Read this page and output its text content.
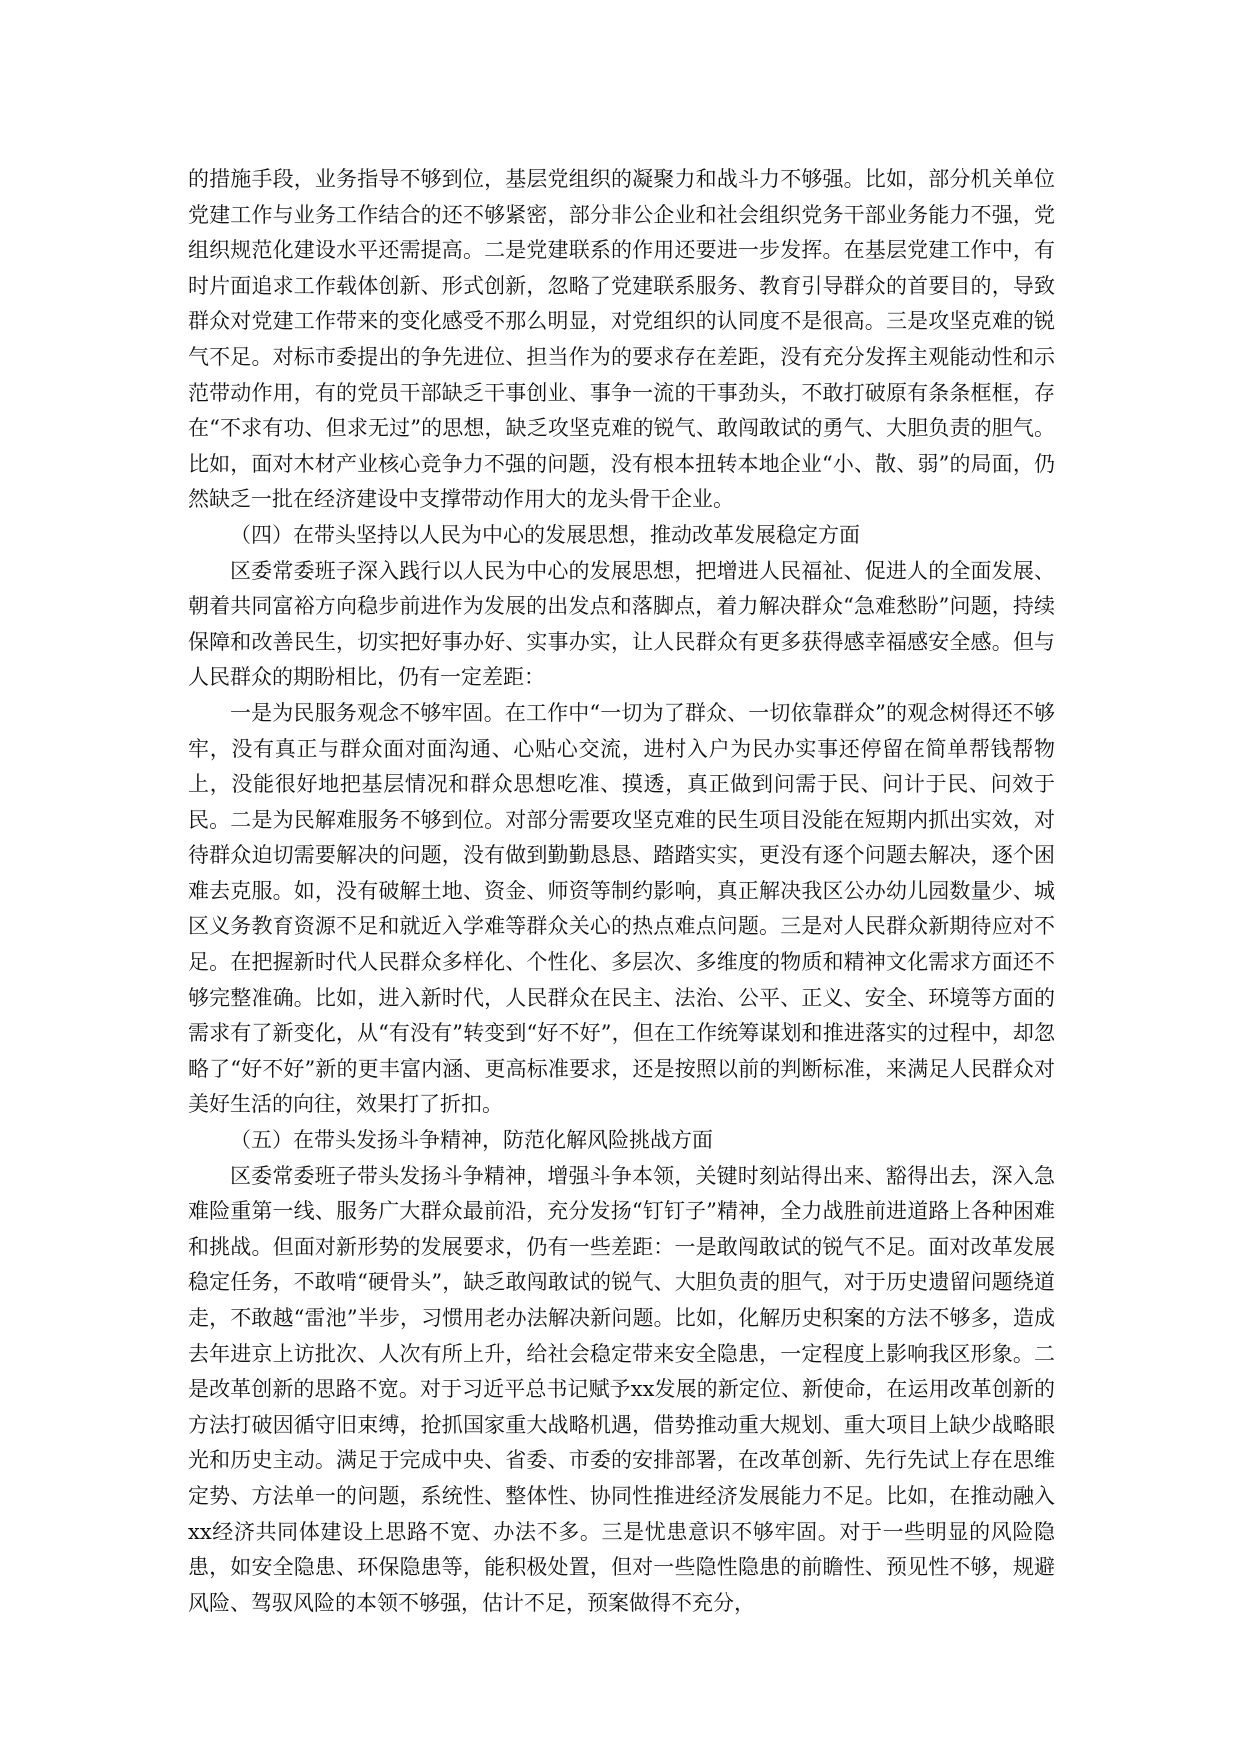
的措施手段，业务指导不够到位，基层党组织的凝聚力和战斗力不够强。比如，部分机关单位党建工作与业务工作结合的还不够紧密，部分非公企业和社会组织党务干部业务能力不强，党组织规范化建设水平还需提高。二是党建联系的作用还要进一步发挥。在基层党建工作中，有时片面追求工作载体创新、形式创新，忽略了党建联系服务、教育引导群众的首要目的，导致群众对党建工作带来的变化感受不那么明显，对党组织的认同度不是很高。三是攻坚克难的锐气不足。对标市委提出的争先进位、担当作为的要求存在差距，没有充分发挥主观能动性和示范带动作用，有的党员干部缺乏干事创业、事争一流的干事劲头，不敢打破原有条条框框，存在“不求有功、但求无过”的思想，缺乏攻坚克难的锐气、敢闯敢试的勇气、大胆负责的胆气。比如，面对木材产业核心竞争力不强的问题，没有根本扭转本地企业“小、散、弱”的局面，仍然缺乏一批在经济建设中支撑带动作用大的龙头骨干企业。

（四）在带头坚持以人民为中心的发展思想，推动改革发展稳定方面

区委常委班子深入践行以人民为中心的发展思想，把增进人民福祉、促进人的全面发展、朝着共同富裕方向稳步前进作为发展的出发点和落脚点，着力解决群众“急难愁盼”问题，持续保障和改善民生，切实把好事办好、实事办实，让人民群众有更多获得感幸福感安全感。但与人民群众的期盼相比，仍有一定差距：

一是为民服务观念不够牢固。在工作中“一切为了群众、一切依靠群众”的观念树得还不够牢，没有真正与群众面对面沟通、心贴心交流，进村入户为民办实事还停留在简单帮钱帮物上，没能很好地把基层情况和群众思想吃准、摸透，真正做到问需于民、问计于民、问效于民。二是为民解难服务不够到位。对部分需要攻坚克难的民生项目没能在短期内抓出实效，对待群众迫切需要解决的问题，没有做到勤勤恳恳、踏踏实实，更没有逐个问题去解决，逐个困难去克服。如，没有破解土地、资金、师资等制约影响，真正解决我区公办幼儿园数量少、城区义务教育资源不足和就近入学难等群众关心的热点难点问题。三是对人民群众新期待应对不足。在把握新时代人民群众多样化、个性化、多层次、多维度的物质和精神文化需求方面还不够完整准确。比如，进入新时代，人民群众在民主、法治、公平、正义、安全、环境等方面的需求有了新变化，从“有没有”转变到“好不好”，但在工作统筹谋划和推进落实的过程中，却忽略了“好不好”新的更丰富内涵、更高标准要求，还是按照以前的判断标准，来满足人民群众对美好生活的向往，效果打了折扣。

（五）在带头发扬斗争精神，防范化解风险挑战方面

区委常委班子带头发扬斗争精神，增强斗争本领，关键时刻站得出来、豁得出去，深入急难险重第一线、服务广大群众最前沿，充分发扬“钉钉子”精神，全力战胜前进道路上各种困难和挑战。但面对新形势的发展要求，仍有一些差距：一是敢闯敢试的锐气不足。面对改革发展稳定任务，不敢啃“硬骨头”，缺乏敢闯敢试的锐气、大胆负责的胆气，对于历史遗留问题绕道走，不敢越“雷池”半步，习惯用老办法解决新问题。比如，化解历史积案的方法不够多，造成去年进京上访批次、人次有所上升，给社会稳定带来安全隐患，一定程度上影响我区形象。二是改革创新的思路不宽。对于习近平总书记赋予xx发展的新定位、新使命，在运用改革创新的方法打破因循守旧束缚，抢抓国家重大战略机遇，借势推动重大规划、重大项目上缺少战略眼光和历史主动。满足于完成中央、省委、市委的安排部署，在改革创新、先行先试上存在思维定势、方法单一的问题，系统性、整体性、协同性推进经济发展能力不足。比如，在推动融入xx经济共同体建设上思路不宽、办法不多。三是忧患意识不够牢固。对于一些明显的风险隐患，如安全隐患、环保隐患等，能积极处置，但对一些隐性隐患的前瞻性、预见性不够，规避风险、驾驭风险的本领不够强，估计不足，预案做得不充分，
